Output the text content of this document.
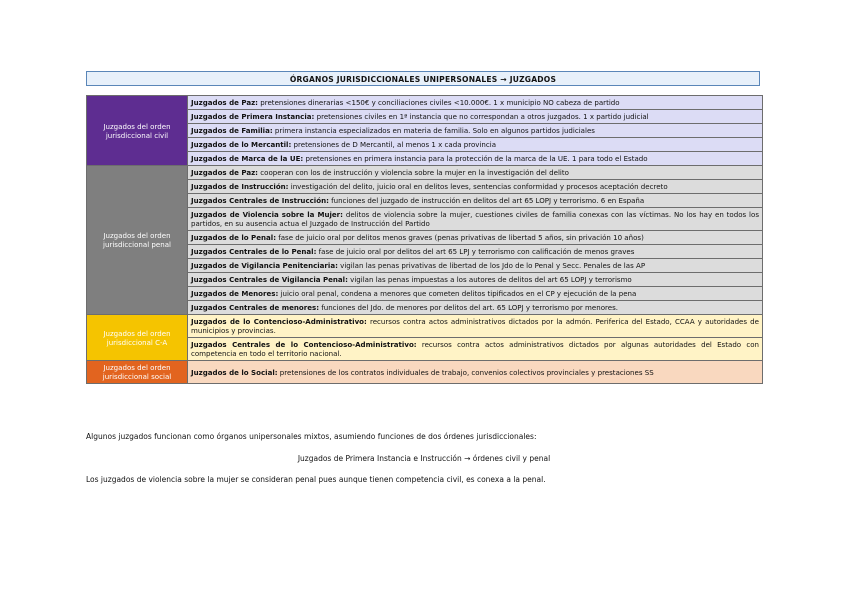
ÓRGANOS JURISDICCIONALES UNIPERSONALES → JUZGADOS
Juzgados del orden jurisdiccional civil	Juzgados de Paz: pretensiones dinerarias <150€ y conciliaciones civiles <10.000€. 1 x municipio NO cabeza de partido
	Juzgados de Primera Instancia: pretensiones civiles en 1ª instancia que no correspondan a otros juzgados. 1 x partido judicial
	Juzgados de Familia: primera instancia especializados en materia de familia. Solo en algunos partidos judiciales
	Juzgados de lo Mercantil: pretensiones de D Mercantil, al menos 1 x cada provincia
	Juzgados de Marca de la UE: pretensiones en primera instancia para la protección de la marca de la UE. 1 para todo el Estado
Juzgados del orden jurisdiccional penal	Juzgados de Paz: cooperan con los de instrucción y violencia sobre la mujer en la investigación del delito
	Juzgados de Instrucción: investigación del delito, juicio oral en delitos leves, sentencias conformidad y procesos aceptación decreto
	Juzgados Centrales de Instrucción: funciones del juzgado de instrucción en delitos del art 65 LOPJ y terrorismo. 6 en España
	Juzgados de Violencia sobre la Mujer: delitos de violencia sobre la mujer, cuestiones civiles de familia conexas con las víctimas. No los hay en todos los partidos, en su ausencia actua el Juzgado de Instrucción del Partido
	Juzgados de lo Penal: fase de juicio oral por delitos menos graves (penas privativas de libertad 5 años, sin privación 10 años)
	Juzgados Centrales de lo Penal: fase de juicio oral por delitos del art 65 LPJ y terrorismo con calificación de menos graves
	Juzgados de Vigilancia Penitenciaria: vigilan las penas privativas de libertad de los Jdo de lo Penal y Secc. Penales de las AP
	Juzgados Centrales de Vigilancia Penal: vigilan las penas impuestas a los autores de delitos del art 65 LOPJ y terrorismo
	Juzgados de Menores: juicio oral penal, condena a menores que cometen delitos tipificados en el CP y ejecución de la pena
	Juzgados Centrales de menores: funciones del Jdo. de menores por delitos del art. 65 LOPJ y terrorismo por menores.
Juzgados del orden jurisdiccional C-A	Juzgados de lo Contencioso-Administrativo: recursos contra actos administrativos dictados por la admón. Periferica del Estado, CCAA y autoridades de municipios y provincias.
	Juzgados Centrales de lo Contencioso-Administrativo: recursos contra actos administrativos dictados por algunas autoridades del Estado con competencia en todo el territorio nacional.
Juzgados del orden jurisdiccional social	Juzgados de lo Social: pretensiones de los contratos individuales de trabajo, convenios colectivos provinciales y prestaciones SS
Algunos juzgados funcionan como órganos unipersonales mixtos, asumiendo funciones de dos órdenes jurisdiccionales:
Juzgados de Primera Instancia e Instrucción → órdenes civil y penal
Los juzgados de violencia sobre la mujer se consideran penal pues aunque tienen competencia civil, es conexa a la penal.
